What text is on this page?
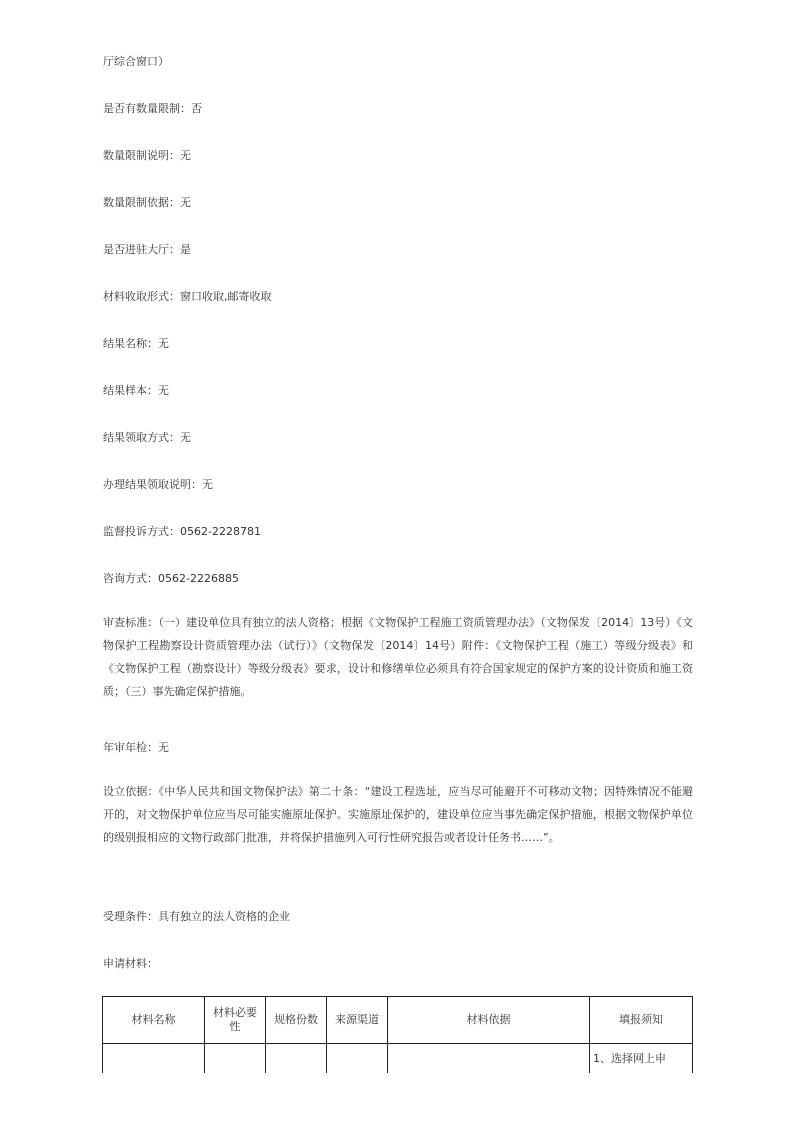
厅综合窗口）

是否有数量限制：否

数量限制说明：无

数量限制依据：无

是否进驻大厅：是

材料收取形式：窗口收取,邮寄收取

结果名称：无

结果样本：无

结果领取方式：无

办理结果领取说明：无

监督投诉方式：0562-2228781

咨询方式：0562-2226885

审查标准：（一）建设单位具有独立的法人资格；根据《文物保护工程施工资质管理办法》（文物保发〔2014〕13号）《文物保护工程勘察设计资质管理办法（试行）》（文物保发〔2014〕14号）附件：《文物保护工程（施工）等级分级表》和《文物保护工程（勘察设计）等级分级表》要求，设计和修缮单位必须具有符合国家规定的保护方案的设计资质和施工资质；（三）事先确定保护措施。

年审年检：无

设立依据：《中华人民共和国文物保护法》第二十条：“建设工程选址，应当尽可能避开不可移动文物；因特殊情况不能避开的，对文物保护单位应当尽可能实施原址保护。实施原址保护的，建设单位应当事先确定保护措施，根据文物保护单位的级别报相应的文物行政部门批准，并将保护措施列入可行性研究报告或者设计任务书……”。

受理条件：具有独立的法人资格的企业

申请材料：

材料名称	材料必要性	规格份数	来源渠道	材料依据	填报须知
					1、选择网上申
